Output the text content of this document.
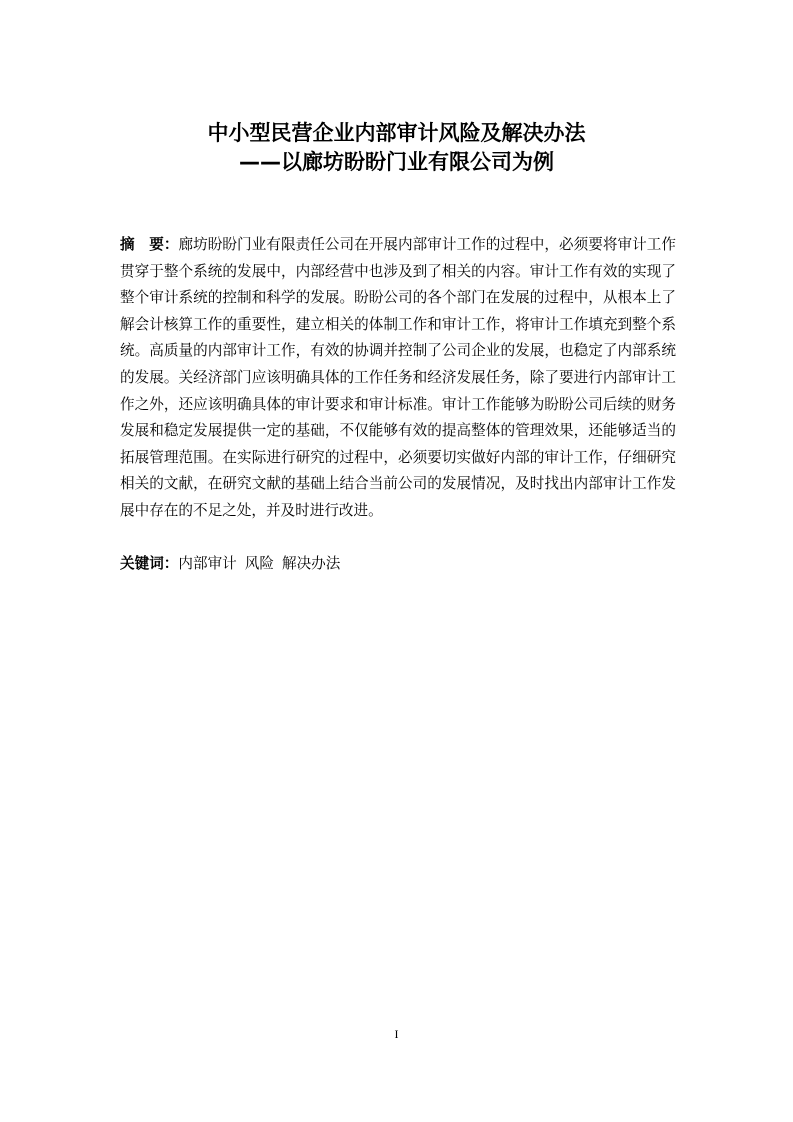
中小型民营企业内部审计风险及解决办法
——以廊坊盼盼门业有限公司为例

摘　要：廊坊盼盼门业有限责任公司在开展内部审计工作的过程中，必须要将审计工作贯穿于整个系统的发展中，内部经营中也涉及到了相关的内容。审计工作有效的实现了整个审计系统的控制和科学的发展。盼盼公司的各个部门在发展的过程中，从根本上了解会计核算工作的重要性，建立相关的体制工作和审计工作，将审计工作填充到整个系统。高质量的内部审计工作，有效的协调并控制了公司企业的发展，也稳定了内部系统的发展。关经济部门应该明确具体的工作任务和经济发展任务，除了要进行内部审计工作之外，还应该明确具体的审计要求和审计标准。审计工作能够为盼盼公司后续的财务发展和稳定发展提供一定的基础，不仅能够有效的提高整体的管理效果，还能够适当的拓展管理范围。在实际进行研究的过程中，必须要切实做好内部的审计工作，仔细研究相关的文献，在研究文献的基础上结合当前公司的发展情况，及时找出内部审计工作发展中存在的不足之处，并及时进行改进。

关键词：内部审计 风险 解决办法

I
